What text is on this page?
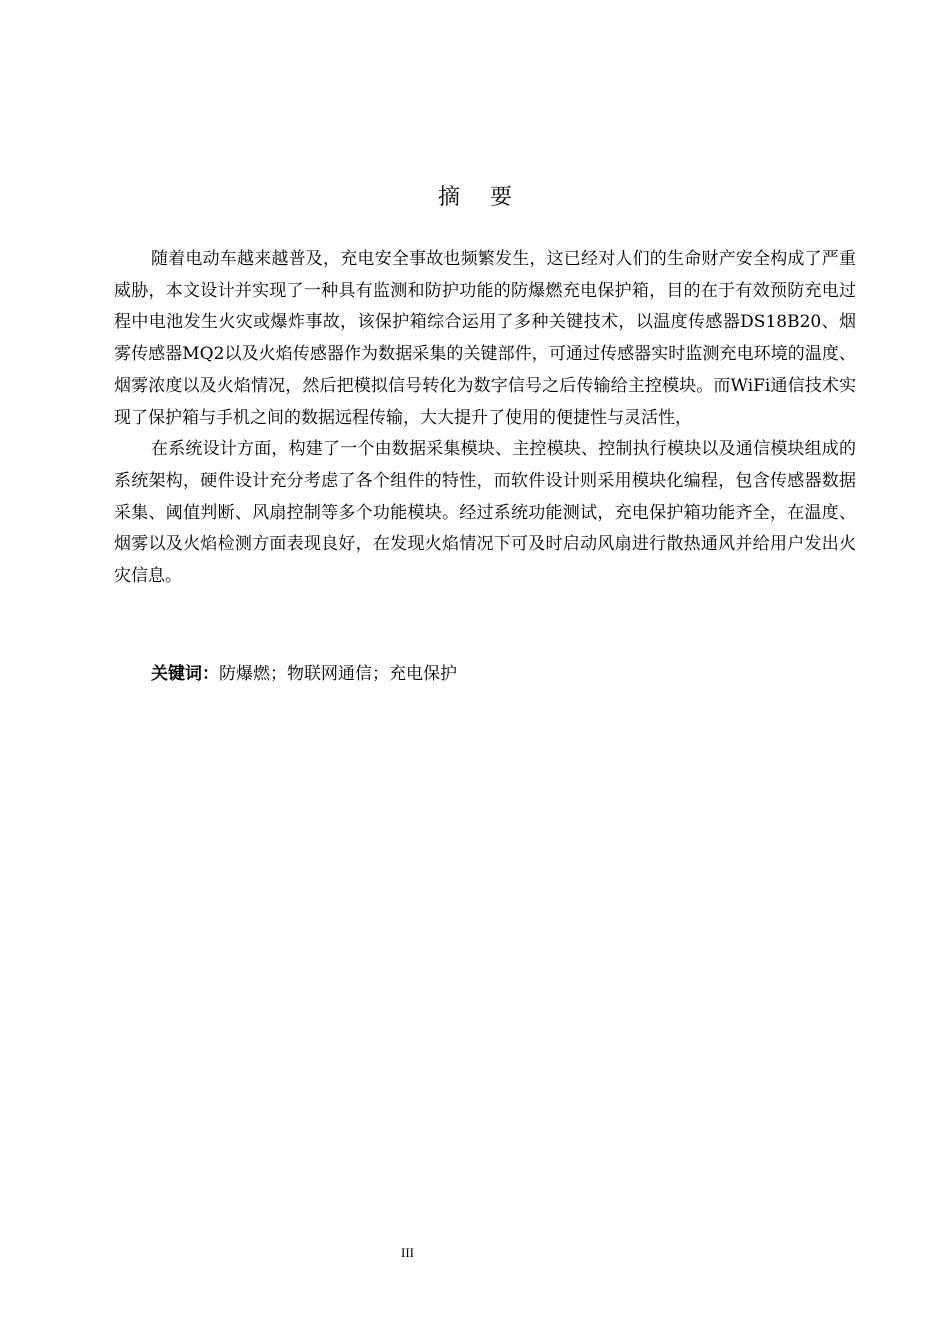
摘要

随着电动车越来越普及，充电安全事故也频繁发生，这已经对人们的生命财产安全构成了严重威胁，本文设计并实现了一种具有监测和防护功能的防爆燃充电保护箱，目的在于有效预防充电过程中电池发生火灾或爆炸事故，该保护箱综合运用了多种关键技术，以温度传感器DS18B20、烟雾传感器MQ2以及火焰传感器作为数据采集的关键部件，可通过传感器实时监测充电环境的温度、烟雾浓度以及火焰情况，然后把模拟信号转化为数字信号之后传输给主控模块。而WiFi通信技术实现了保护箱与手机之间的数据远程传输，大大提升了使用的便捷性与灵活性，

在系统设计方面，构建了一个由数据采集模块、主控模块、控制执行模块以及通信模块组成的系统架构，硬件设计充分考虑了各个组件的特性，而软件设计则采用模块化编程，包含传感器数据采集、阈值判断、风扇控制等多个功能模块。经过系统功能测试，充电保护箱功能齐全，在温度、烟雾以及火焰检测方面表现良好，在发现火焰情况下可及时启动风扇进行散热通风并给用户发出火灾信息。

关键词：防爆燃；物联网通信；充电保护
III
